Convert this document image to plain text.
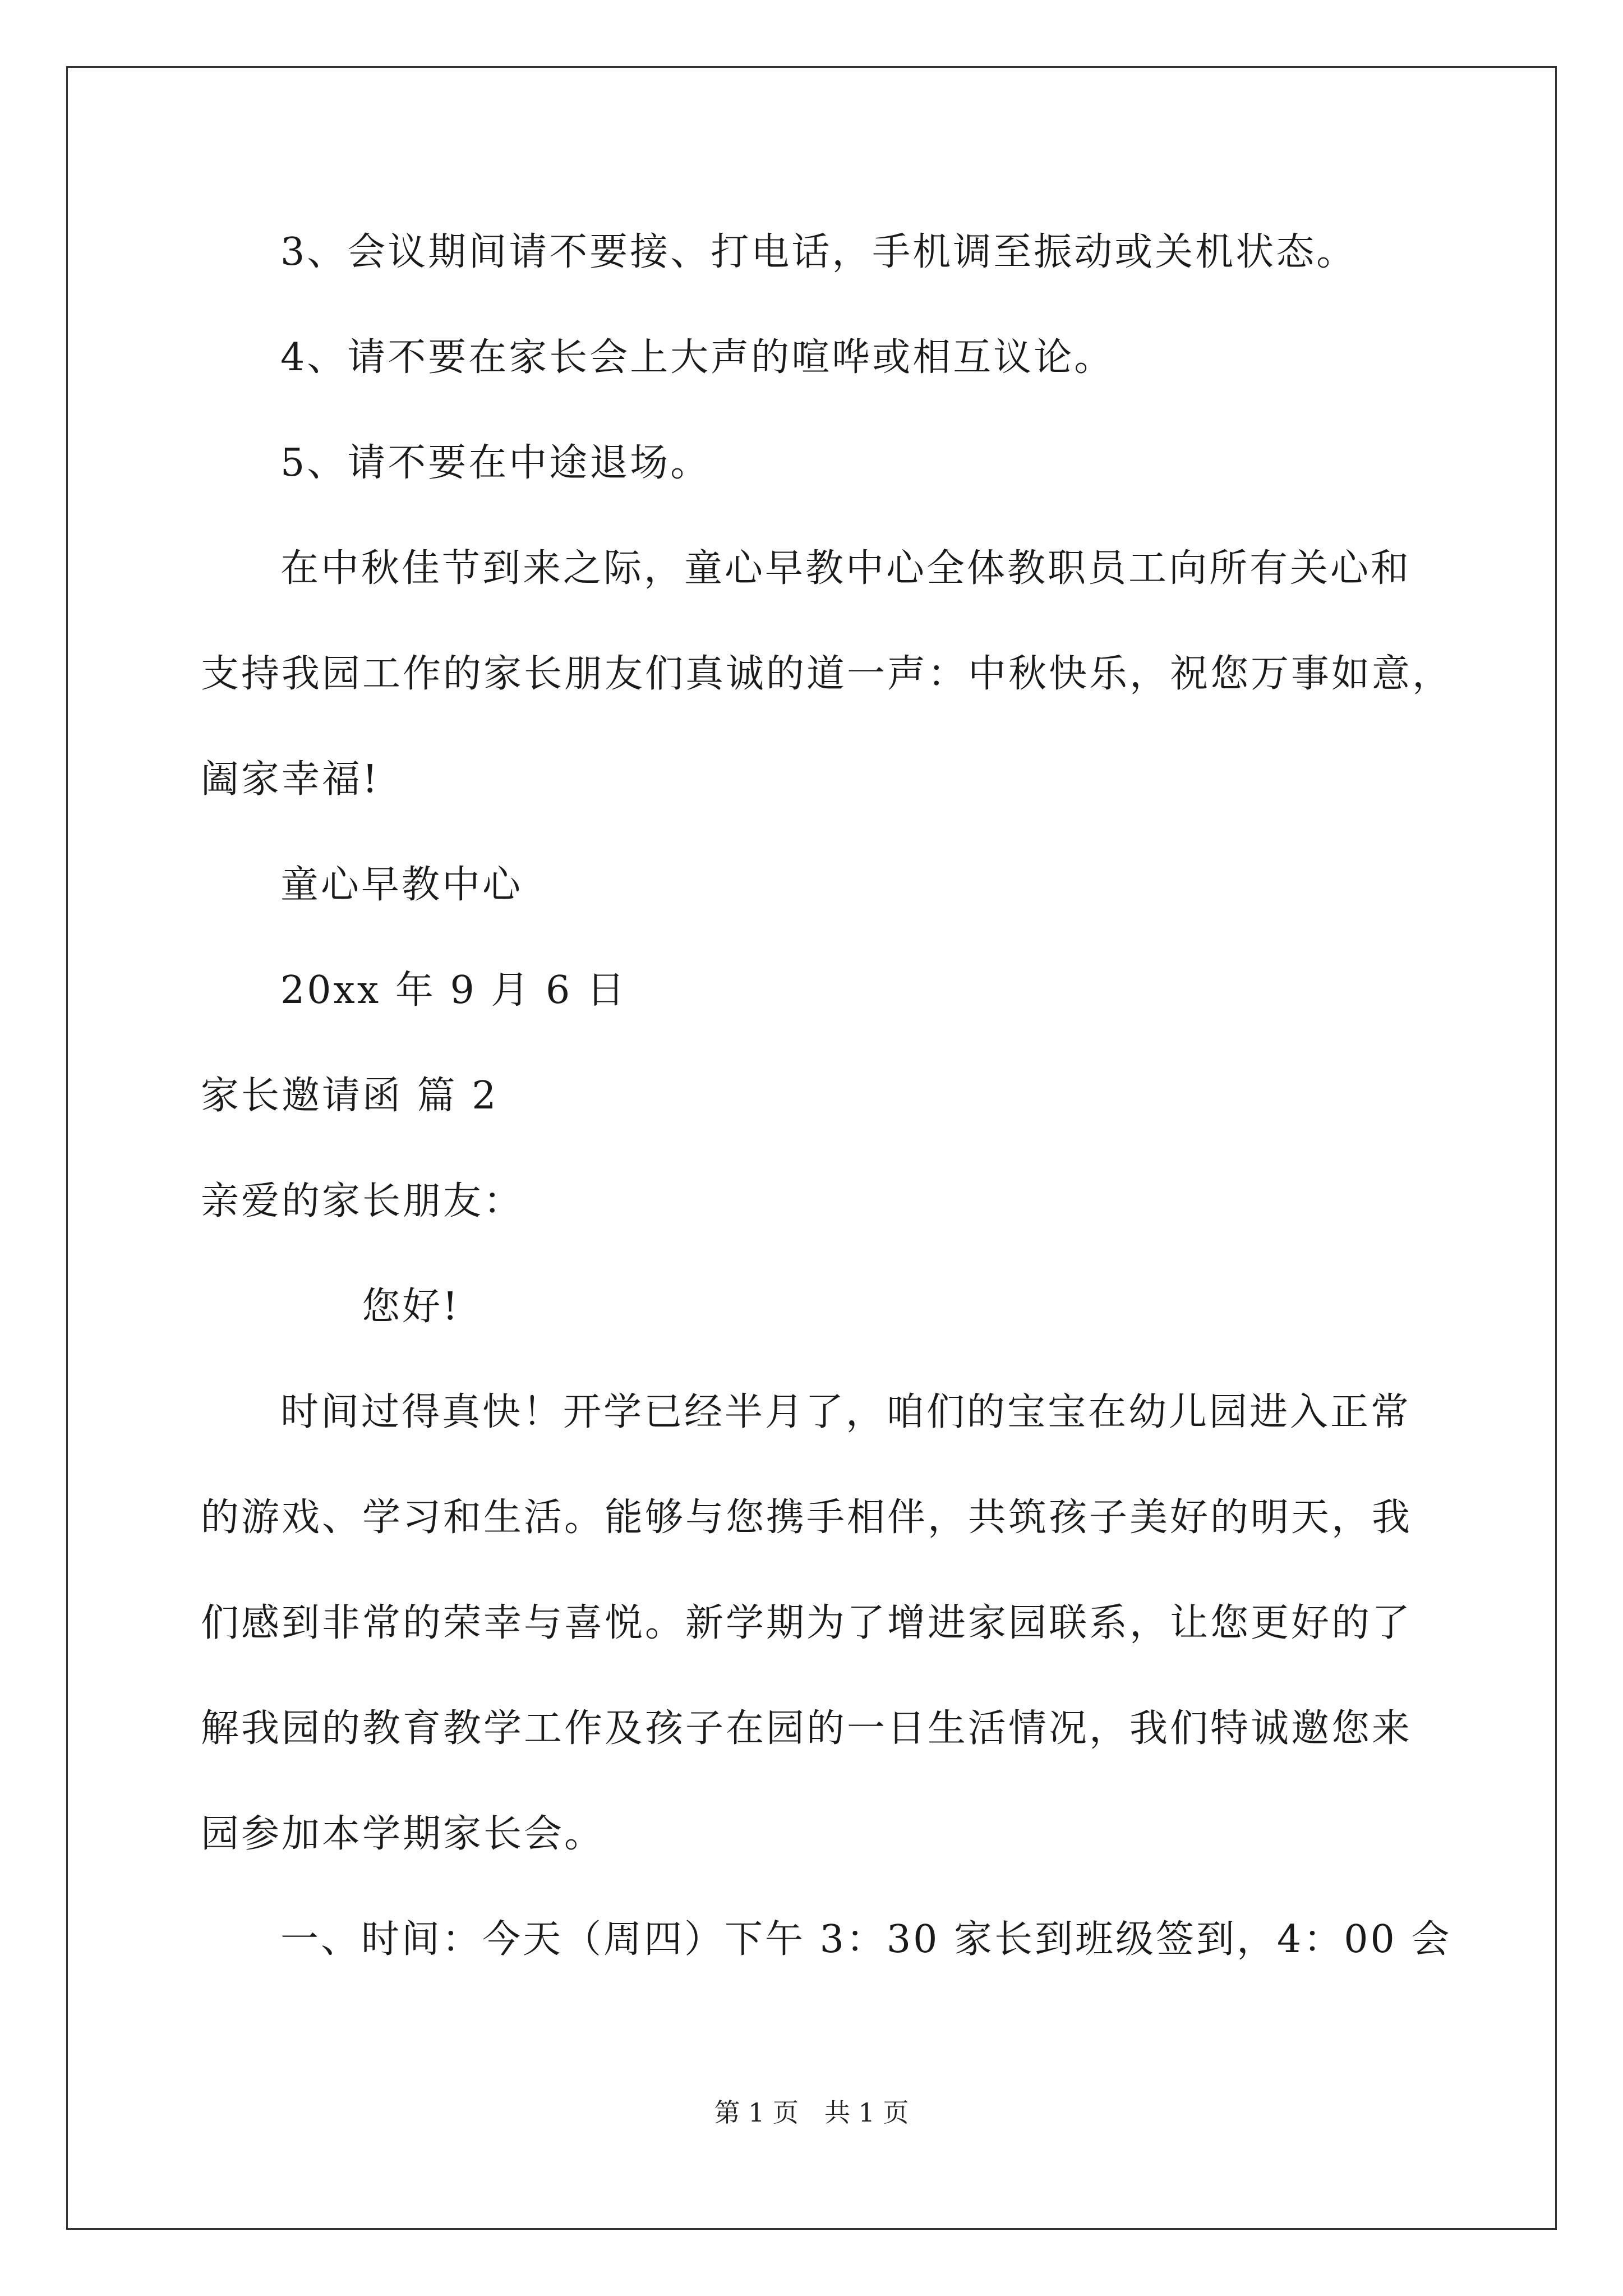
3、会议期间请不要接、打电话，手机调至振动或关机状态。
4、请不要在家长会上大声的喧哗或相互议论。
5、请不要在中途退场。
在中秋佳节到来之际，童心早教中心全体教职员工向所有关心和
支持我园工作的家长朋友们真诚的道一声：中秋快乐，祝您万事如意，
阖家幸福!
童心早教中心
20xx 年 9 月 6 日
家长邀请函 篇 2
亲爱的家长朋友：
您好!
时间过得真快！开学已经半月了，咱们的宝宝在幼儿园进入正常
的游戏、学习和生活。能够与您携手相伴，共筑孩子美好的明天，我
们感到非常的荣幸与喜悦。新学期为了增进家园联系，让您更好的了
解我园的教育教学工作及孩子在园的一日生活情况，我们特诚邀您来
园参加本学期家长会。
一、时间：今天（周四）下午 3：30 家长到班级签到，4：00 会
第 1 页　共 1 页
